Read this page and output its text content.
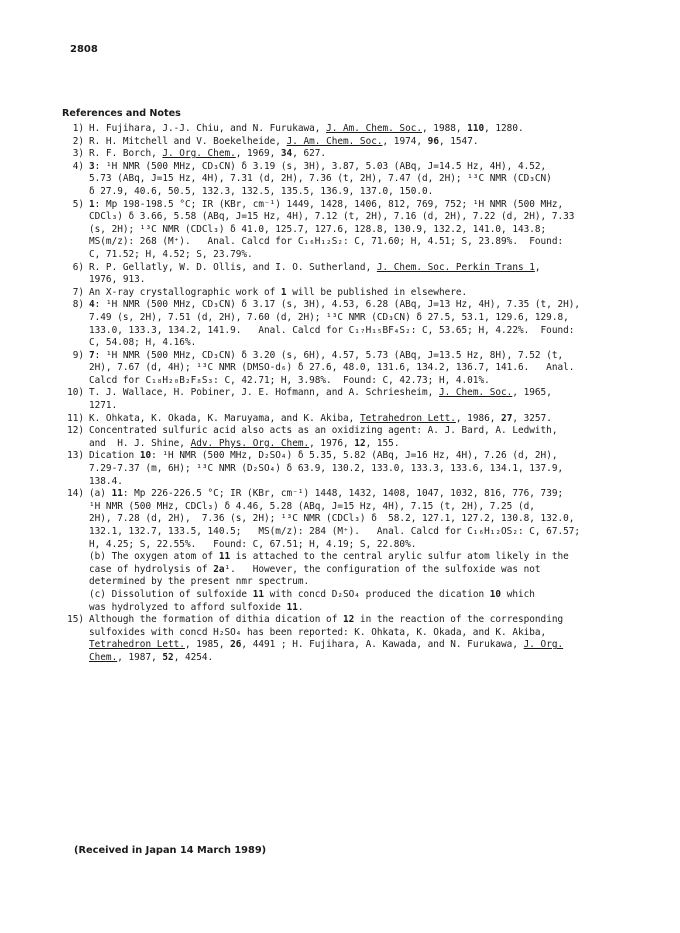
2808
References and Notes
1) H. Fujihara, J.-J. Chiu, and N. Furukawa, J. Am. Chem. Soc., 1988, 110, 1280.
2) R. H. Mitchell and V. Boekelheide, J. Am. Chem. Soc., 1974, 96, 1547.
3) R. F. Borch, J. Org. Chem., 1969, 34, 627.
4) 3: ¹H NMR (500 MHz, CD₃CN) δ 3.19 (s, 3H), 3.87, 5.03 (ABq, J=14.5 Hz, 4H), 4.52,
5.73 (ABq, J=15 Hz, 4H), 7.31 (d, 2H), 7.36 (t, 2H), 7.47 (d, 2H); ¹³C NMR (CD₃CN)
δ 27.9, 40.6, 50.5, 132.3, 132.5, 135.5, 136.9, 137.0, 150.0.
5) 1: Mp 198-198.5 °C; IR (KBr, cm⁻¹) 1449, 1428, 1406, 812, 769, 752; ¹H NMR (500 MHz,
CDCl₃) δ 3.66, 5.58 (ABq, J=15 Hz, 4H), 7.12 (t, 2H), 7.16 (d, 2H), 7.22 (d, 2H), 7.33
(s, 2H); ¹³C NMR (CDCl₃) δ 41.0, 125.7, 127.6, 128.8, 130.9, 132.2, 141.0, 143.8;
MS(m/z): 268 (M⁺).   Anal. Calcd for C₁₆H₁₂S₂: C, 71.60; H, 4.51; S, 23.89%.  Found:
C, 71.52; H, 4.52; S, 23.79%.
6) R. P. Gellatly, W. D. Ollis, and I. O. Sutherland, J. Chem. Soc. Perkin Trans 1,
1976, 913.
7) An X-ray crystallographic work of 1 will be published in elsewhere.
8) 4: ¹H NMR (500 MHz, CD₃CN) δ 3.17 (s, 3H), 4.53, 6.28 (ABq, J=13 Hz, 4H), 7.35 (t, 2H),
7.49 (s, 2H), 7.51 (d, 2H), 7.60 (d, 2H); ¹³C NMR (CD₃CN) δ 27.5, 53.1, 129.6, 129.8,
133.0, 133.3, 134.2, 141.9.   Anal. Calcd for C₁₇H₁₅BF₄S₂: C, 53.65; H, 4.22%.  Found:
C, 54.08; H, 4.16%.
9) 7: ¹H NMR (500 MHz, CD₃CN) δ 3.20 (s, 6H), 4.57, 5.73 (ABq, J=13.5 Hz, 8H), 7.52 (t,
2H), 7.67 (d, 4H); ¹³C NMR (DMSO-d₆) δ 27.6, 48.0, 131.6, 134.2, 136.7, 141.6.   Anal.
Calcd for C₁₈H₂₀B₂F₈S₃: C, 42.71; H, 3.98%.  Found: C, 42.73; H, 4.01%.
10) T. J. Wallace, H. Pobiner, J. E. Hofmann, and A. Schriesheim, J. Chem. Soc., 1965,
1271.
11) K. Ohkata, K. Okada, K. Maruyama, and K. Akiba, Tetrahedron Lett., 1986, 27, 3257.
12) Concentrated sulfuric acid also acts as an oxidizing agent: A. J. Bard, A. Ledwith,
and  H. J. Shine, Adv. Phys. Org. Chem., 1976, 12, 155.
13) Dication 10: ¹H NMR (500 MHz, D₂SO₄) δ 5.35, 5.82 (ABq, J=16 Hz, 4H), 7.26 (d, 2H),
7.29-7.37 (m, 6H); ¹³C NMR (D₂SO₄) δ 63.9, 130.2, 133.0, 133.3, 133.6, 134.1, 137.9,
138.4.
14) (a) 11: Mp 226-226.5 °C; IR (KBr, cm⁻¹) 1448, 1432, 1408, 1047, 1032, 816, 776, 739;
¹H NMR (500 MHz, CDCl₃) δ 4.46, 5.28 (ABq, J=15 Hz, 4H), 7.15 (t, 2H), 7.25 (d,
2H), 7.28 (d, 2H),  7.36 (s, 2H); ¹³C NMR (CDCl₃) δ  58.2, 127.1, 127.2, 130.8, 132.0,
132.1, 132.7, 133.5, 140.5;   MS(m/z): 284 (M⁺).   Anal. Calcd for C₁₆H₁₂OS₂: C, 67.57;
H, 4.25; S, 22.55%.   Found: C, 67.51; H, 4.19; S, 22.80%.
(b) The oxygen atom of 11 is attached to the central arylic sulfur atom likely in the
case of hydrolysis of 2a¹.   However, the configuration of the sulfoxide was not
determined by the present nmr spectrum.
(c) Dissolution of sulfoxide 11 with concd D₂SO₄ produced the dication 10 which
was hydrolyzed to afford sulfoxide 11.
15) Although the formation of dithia dication of 12 in the reaction of the corresponding
sulfoxides with concd H₂SO₄ has been reported: K. Ohkata, K. Okada, and K. Akiba,
Tetrahedron Lett., 1985, 26, 4491 ; H. Fujihara, A. Kawada, and N. Furukawa, J. Org.
Chem., 1987, 52, 4254.
(Received in Japan 14 March 1989)
